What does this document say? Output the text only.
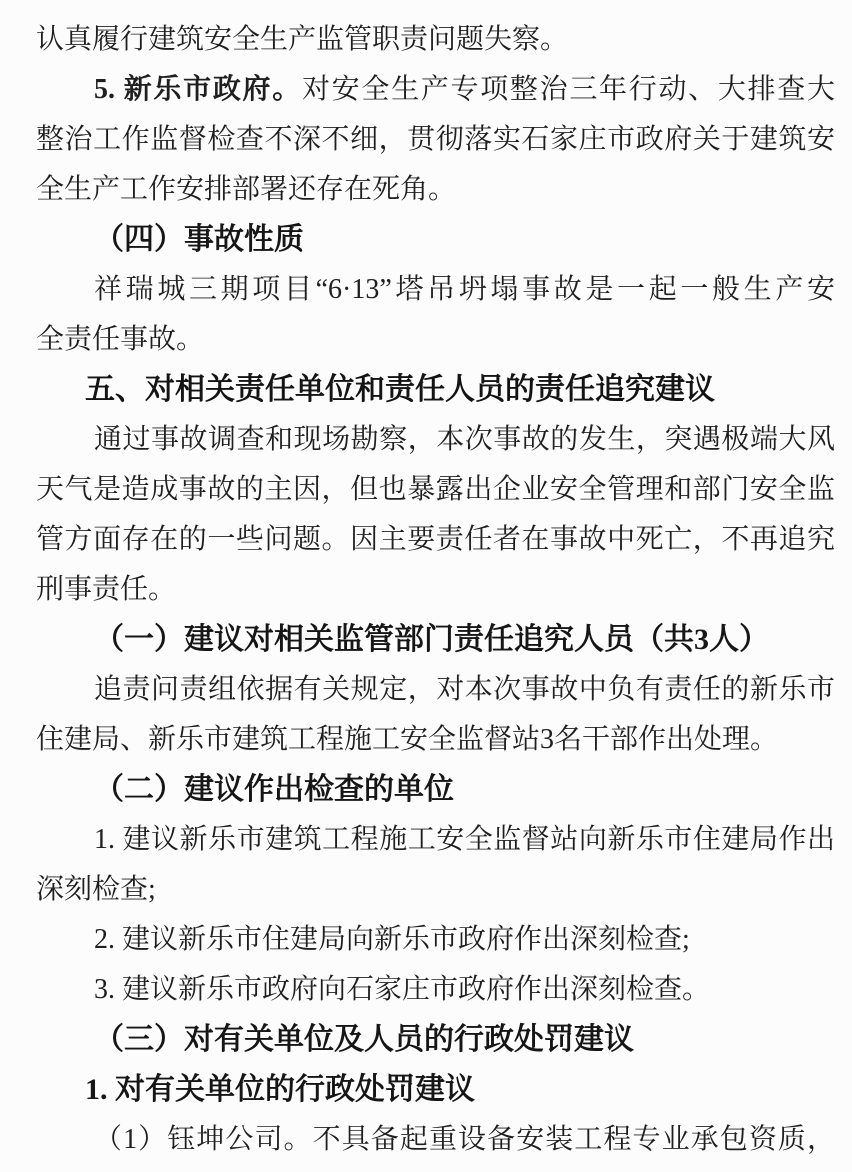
认真履行建筑安全生产监管职责问题失察。
5. 新乐市政府。对安全生产专项整治三年行动、大排查大
整治工作监督检查不深不细，贯彻落实石家庄市政府关于建筑安
全生产工作安排部署还存在死角。
（四）事故性质
祥瑞城三期项目“6·13”塔吊坍塌事故是一起一般生产安
全责任事故。
五、对相关责任单位和责任人员的责任追究建议
通过事故调查和现场勘察，本次事故的发生，突遇极端大风
天气是造成事故的主因，但也暴露出企业安全管理和部门安全监
管方面存在的一些问题。因主要责任者在事故中死亡，不再追究
刑事责任。
（一）建议对相关监管部门责任追究人员（共3人）
追责问责组依据有关规定，对本次事故中负有责任的新乐市
住建局、新乐市建筑工程施工安全监督站3名干部作出处理。
（二）建议作出检查的单位
1. 建议新乐市建筑工程施工安全监督站向新乐市住建局作出
深刻检查;
2. 建议新乐市住建局向新乐市政府作出深刻检查;
3. 建议新乐市政府向石家庄市政府作出深刻检查。
（三）对有关单位及人员的行政处罚建议
1. 对有关单位的行政处罚建议
（1）钰坤公司。不具备起重设备安装工程专业承包资质，
